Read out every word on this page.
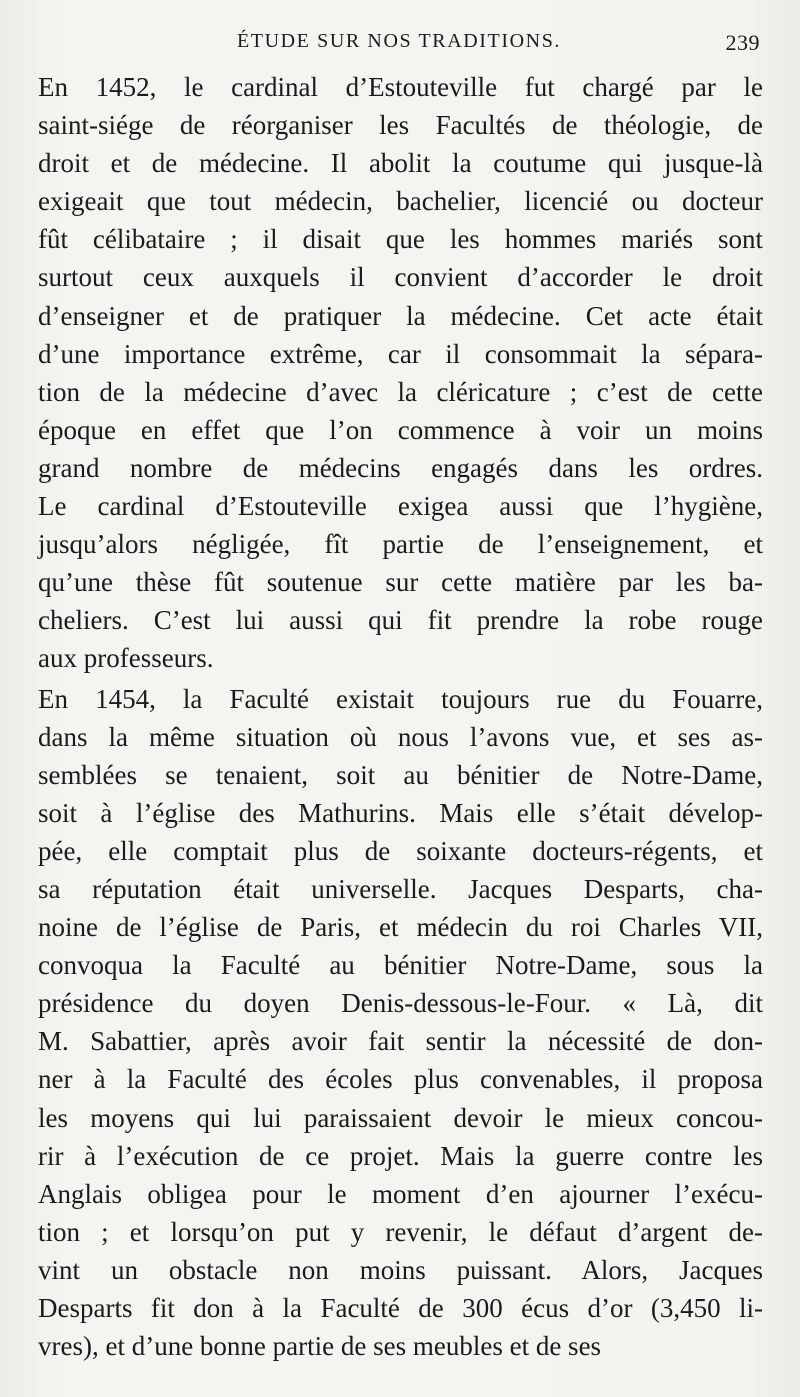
ÉTUDE SUR NOS TRADITIONS.	239
En 1452, le cardinal d’Estouteville fut chargé par le
saint-siége de réorganiser les Facultés de théologie, de
droit et de médecine. Il abolit la coutume qui jusque-là
exigeait que tout médecin, bachelier, licencié ou docteur
fût célibataire ; il disait que les hommes mariés sont
surtout ceux auxquels il convient d’accorder le droit
d’enseigner et de pratiquer la médecine. Cet acte était
d’une importance extrême, car il consommait la sépara-
tion de la médecine d’avec la cléricature ; c’est de cette
époque en effet que l’on commence à voir un moins
grand nombre de médecins engagés dans les ordres.
Le cardinal d’Estouteville exigea aussi que l’hygiène,
jusqu’alors négligée, fît partie de l’enseignement, et
qu’une thèse fût soutenue sur cette matière par les ba-
cheliers. C’est lui aussi qui fit prendre la robe rouge
aux professeurs.
En 1454, la Faculté existait toujours rue du Fouarre,
dans la même situation où nous l’avons vue, et ses as-
semblées se tenaient, soit au bénitier de Notre-Dame,
soit à l’église des Mathurins. Mais elle s’était dévelop-
pée, elle comptait plus de soixante docteurs-régents, et
sa réputation était universelle. Jacques Desparts, cha-
noine de l’église de Paris, et médecin du roi Charles VII,
convoqua la Faculté au bénitier Notre-Dame, sous la
présidence du doyen Denis-dessous-le-Four. « Là, dit
M. Sabattier, après avoir fait sentir la nécessité de don-
ner à la Faculté des écoles plus convenables, il proposa
les moyens qui lui paraissaient devoir le mieux concou-
rir à l’exécution de ce projet. Mais la guerre contre les
Anglais obligea pour le moment d’en ajourner l’exécu-
tion ; et lorsqu’on put y revenir, le défaut d’argent de-
vint un obstacle non moins puissant. Alors, Jacques
Desparts fit don à la Faculté de 300 écus d’or (3,450 li-
vres), et d’une bonne partie de ses meubles et de ses
